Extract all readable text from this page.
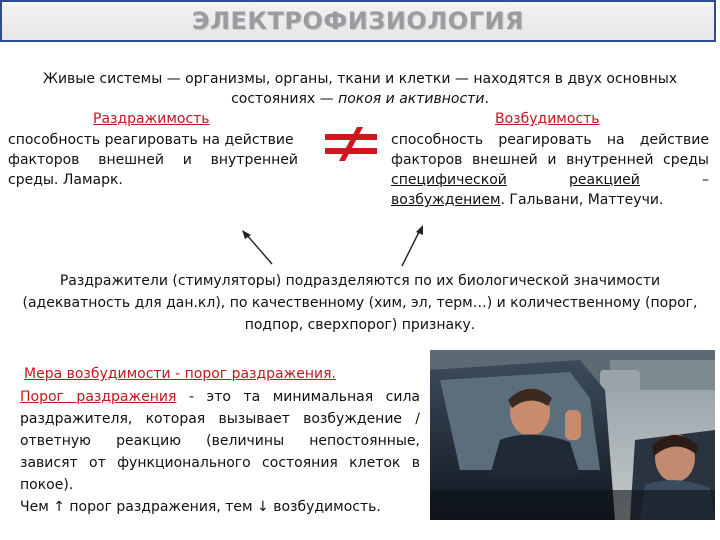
ЭЛЕКТРОФИЗИОЛОГИЯ
Живые системы — организмы, органы, ткани и клетки — находятся в двух основных
состояниях — покоя и активности.
Раздражимость
способность реагировать на действие
факторов внешней и внутренней
среды. Ламарк.
Возбудимость
способность реагировать на действие
факторов внешней и внутренней среды
специфической	реакцией	–
возбуждением. Гальвани, Маттеучи.
Раздражители (стимуляторы) подразделяются по их биологической значимости
(адекватность для дан.кл), по качественному (хим, эл, терм…) и количественному (порог,
подпор, сверхпорог) признаку.
Мера возбудимости - порог раздражения.
Порог раздражения - это та минимальная сила
раздражителя, которая вызывает возбуждение /
ответную реакцию (величины непостоянные,
зависят от функционального состояния клеток в
покое).
Чем ↑ порог раздражения, тем ↓ возбудимость.
